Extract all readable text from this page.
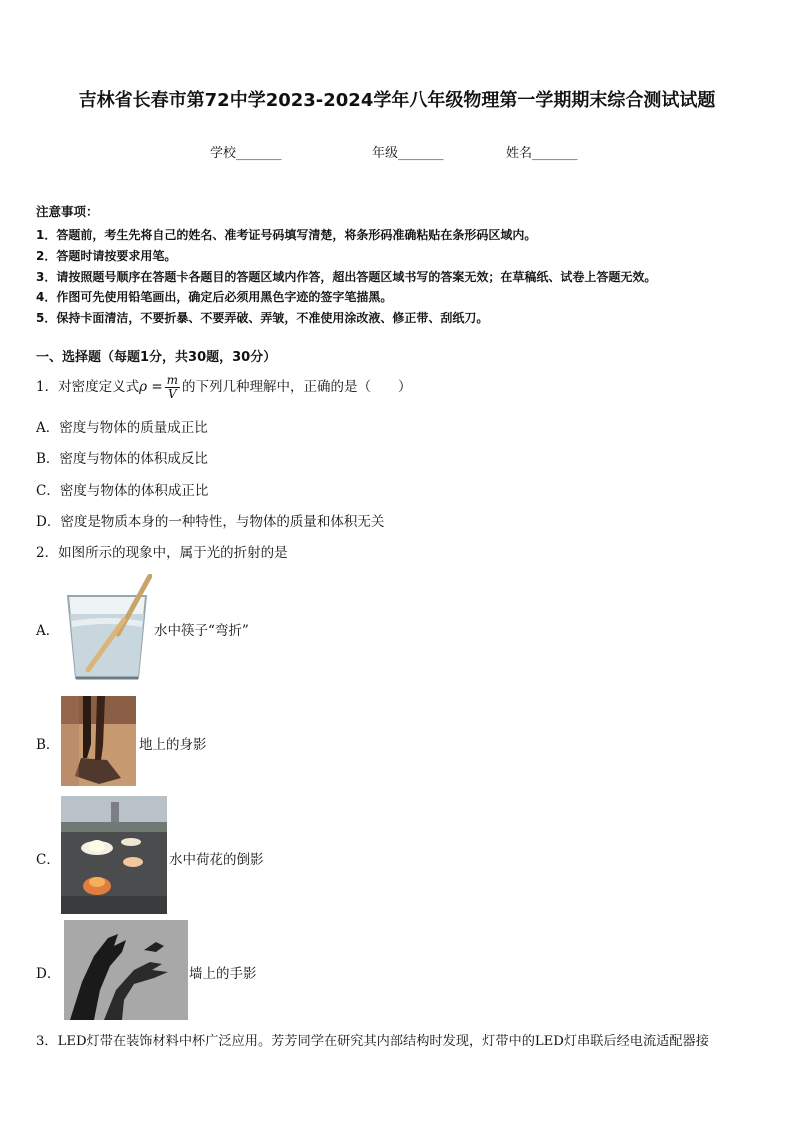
吉林省长春市第72中学2023-2024学年八年级物理第一学期期末综合测试试题
学校_______	年级_______	姓名_______
注意事项：
1．答题前，考生先将自己的姓名、准考证号码填写清楚，将条形码准确粘贴在条形码区域内。
2．答题时请按要求用笔。
3．请按照题号顺序在答题卡各题目的答题区域内作答，超出答题区域书写的答案无效；在草稿纸、试卷上答题无效。
4．作图可先使用铅笔画出，确定后必须用黑色字迹的签字笔描黑。
5．保持卡面清洁，不要折暴、不要弄破、弄皱，不准使用涂改液、修正带、刮纸刀。
一、选择题（每题1分，共30题，30分）
1．对密度定义式$\rho = \frac{m}{V}$ 的下列几种理解中，正确的是（　　）
A．密度与物体的质量成正比
B．密度与物体的体积成反比
C．密度与物体的体积成正比
D．密度是物质本身的一种特性，与物体的质量和体积无关
2．如图所示的现象中，属于光的折射的是
A．	水中筷子“弯折”
B．	地上的身影
C．	水中荷花的倒影
D．	墙上的手影
3．LED灯带在装饰材料中杯广泛应用。芳芳同学在研究其内部结构时发现，灯带中的LED灯串联后经电流适配器接
